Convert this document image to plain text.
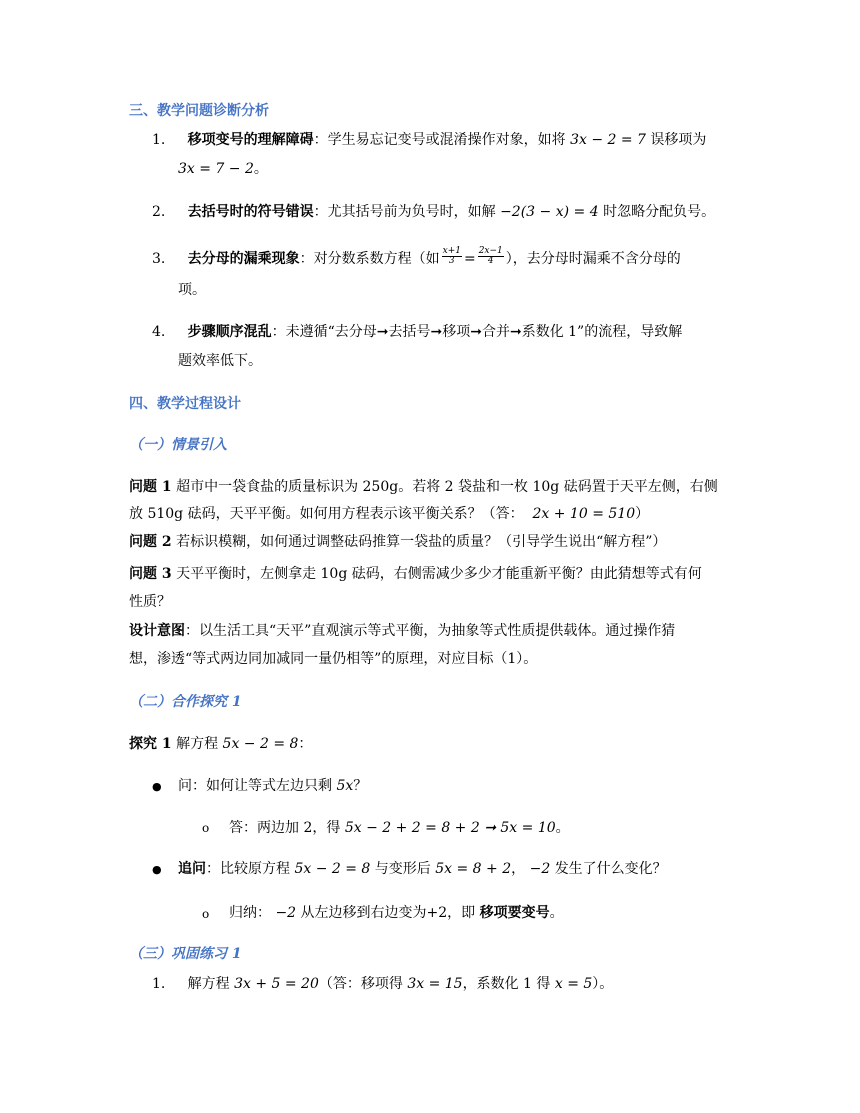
三、教学问题诊断分析
1. 移项变号的理解障碍：学生易忘记变号或混淆操作对象，如将 3𝑥 − 2 = 7 误移项为
3𝑥 = 7 − 2。
2. 去括号时的符号错误：尤其括号前为负号时，如解 −2(3 − 𝑥) = 4 时忽略分配负号。
3. 去分母的漏乘现象：对分数系数方程（如 $\frac{\text{𝑥+1}}{3} = \frac{\text{2𝑥−1}}{4}$ ），去分母时漏乘不含分母的
项。
4. 步骤顺序混乱：未遵循“去分母➞去括号➞移项➞合并➞系数化 1”的流程，导致解
题效率低下。
四、教学过程设计
（一）情景引入
问题 1 超市中一袋食盐的质量标识为 250g。若将 2 袋盐和一枚 10g 砝码置于天平左侧，右侧
放 510g 砝码，天平平衡。如何用方程表示该平衡关系？（答： 2𝑥 + 10 = 510）
问题 2 若标识模糊，如何通过调整砝码推算一袋盐的质量？（引导学生说出“解方程”）
问题 3 天平平衡时，左侧拿走 10g 砝码，右侧需减少多少才能重新平衡？由此猜想等式有何
性质？
设计意图：以生活工具“天平”直观演示等式平衡，为抽象等式性质提供载体。通过操作猜
想，渗透“等式两边同加减同一量仍相等”的原理，对应目标（1）。
（二）合作探究 1
探究 1 解方程 5𝑥 − 2 = 8：
● 问：如何让等式左边只剩 5𝑥？
o 答：两边加 2，得 5𝑥 − 2 + 2 = 8 + 2 ➞ 5𝑥 = 10。
● 追问：比较原方程 5𝑥 − 2 = 8 与变形后 5𝑥 = 8 + 2， −2 发生了什么变化？
o 归纳： −2 从左边移到右边变为+2，即 移项要变号。
（三）巩固练习 1
1. 解方程 3𝑥 + 5 = 20（答：移项得 3𝑥 = 15，系数化 1 得 𝑥 = 5）。
